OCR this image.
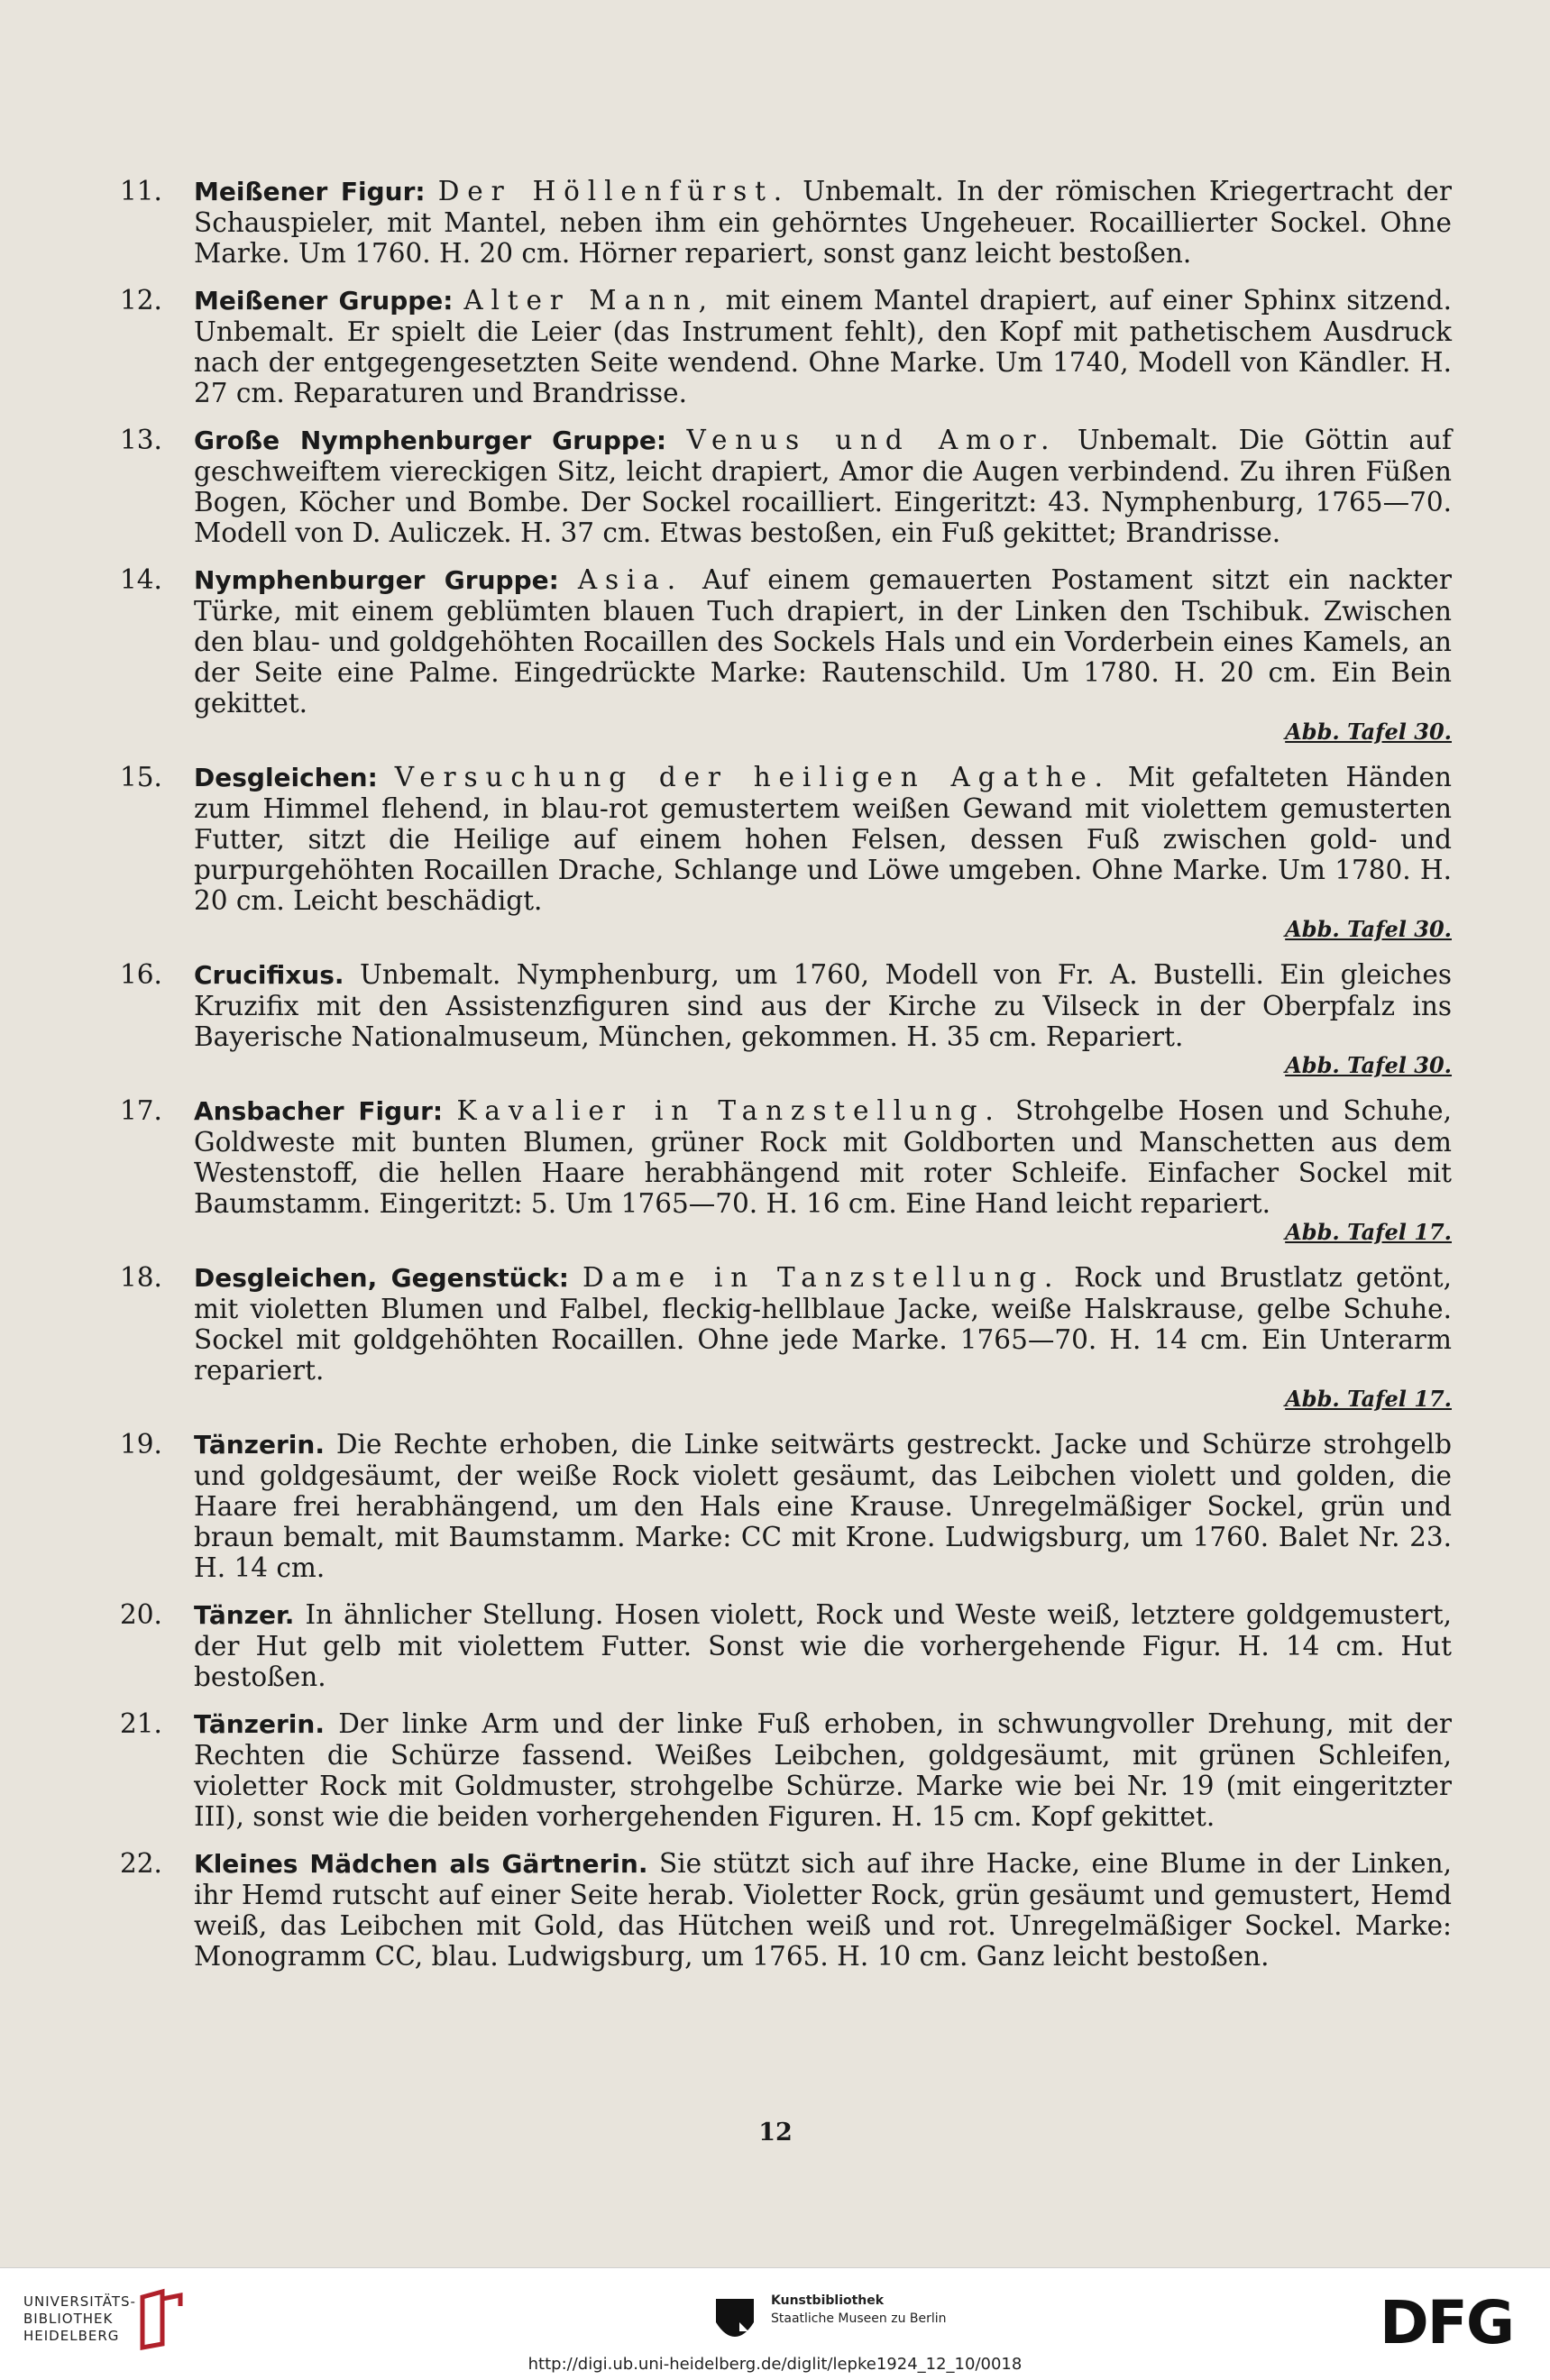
11.	Meißener Figur: Der Höllenfürst. Unbemalt. In der römischen Kriegertracht der Schauspieler, mit Mantel, neben ihm ein gehörntes Ungeheuer. Rocaillierter Sockel. Ohne Marke. Um 1760. H. 20 cm. Hörner repariert, sonst ganz leicht bestoßen.
12.	Meißener Gruppe: Alter Mann, mit einem Mantel drapiert, auf einer Sphinx sitzend. Unbemalt. Er spielt die Leier (das Instrument fehlt), den Kopf mit pathetischem Ausdruck nach der entgegengesetzten Seite wendend. Ohne Marke. Um 1740, Modell von Kändler. H. 27 cm. Reparaturen und Brandrisse.
13.	Große Nymphenburger Gruppe: Venus und Amor. Unbemalt. Die Göttin auf geschweiftem viereckigen Sitz, leicht drapiert, Amor die Augen verbindend. Zu ihren Füßen Bogen, Köcher und Bombe. Der Sockel rocailliert. Eingeritzt: 43. Nymphenburg, 1765—70. Modell von D. Auliczek. H. 37 cm. Etwas bestoßen, ein Fuß gekittet; Brandrisse.
14.	Nymphenburger Gruppe: Asia. Auf einem gemauerten Postament sitzt ein nackter Türke, mit einem geblümten blauen Tuch drapiert, in der Linken den Tschibuk. Zwischen den blau- und goldgehöhten Rocaillen des Sockels Hals und ein Vorderbein eines Kamels, an der Seite eine Palme. Eingedrückte Marke: Rautenschild. Um 1780. H. 20 cm. Ein Bein gekittet.
Abb. Tafel 30.
15.	Desgleichen: Versuchung der heiligen Agathe. Mit gefalteten Händen zum Himmel flehend, in blau-rot gemustertem weißen Gewand mit violettem gemusterten Futter, sitzt die Heilige auf einem hohen Felsen, dessen Fuß zwischen gold- und purpurgehöhten Rocaillen Drache, Schlange und Löwe umgeben. Ohne Marke. Um 1780. H. 20 cm. Leicht beschädigt.
Abb. Tafel 30.
16.	Crucifixus. Unbemalt. Nymphenburg, um 1760, Modell von Fr. A. Bustelli. Ein gleiches Kruzifix mit den Assistenzfiguren sind aus der Kirche zu Vilseck in der Oberpfalz ins Bayerische Nationalmuseum, München, gekommen. H. 35 cm. Repariert.
Abb. Tafel 30.
17.	Ansbacher Figur: Kavalier in Tanzstellung. Strohgelbe Hosen und Schuhe, Goldweste mit bunten Blumen, grüner Rock mit Goldborten und Manschetten aus dem Westenstoff, die hellen Haare herabhängend mit roter Schleife. Einfacher Sockel mit Baumstamm. Eingeritzt: 5. Um 1765—70. H. 16 cm. Eine Hand leicht repariert.
Abb. Tafel 17.
18.	Desgleichen, Gegenstück: Dame in Tanzstellung. Rock und Brustlatz getönt, mit violetten Blumen und Falbel, fleckig-hellblaue Jacke, weiße Halskrause, gelbe Schuhe. Sockel mit goldgehöhten Rocaillen. Ohne jede Marke. 1765—70. H. 14 cm. Ein Unterarm repariert.
Abb. Tafel 17.
19.	Tänzerin. Die Rechte erhoben, die Linke seitwärts gestreckt. Jacke und Schürze strohgelb und goldgesäumt, der weiße Rock violett gesäumt, das Leibchen violett und golden, die Haare frei herabhängend, um den Hals eine Krause. Unregelmäßiger Sockel, grün und braun bemalt, mit Baumstamm. Marke: CC mit Krone. Ludwigsburg, um 1760. Balet Nr. 23. H. 14 cm.
20.	Tänzer. In ähnlicher Stellung. Hosen violett, Rock und Weste weiß, letztere goldgemustert, der Hut gelb mit violettem Futter. Sonst wie die vorhergehende Figur. H. 14 cm. Hut bestoßen.
21.	Tänzerin. Der linke Arm und der linke Fuß erhoben, in schwungvoller Drehung, mit der Rechten die Schürze fassend. Weißes Leibchen, goldgesäumt, mit grünen Schleifen, violetter Rock mit Goldmuster, strohgelbe Schürze. Marke wie bei Nr. 19 (mit eingeritzter III), sonst wie die beiden vorhergehenden Figuren. H. 15 cm. Kopf gekittet.
22.	Kleines Mädchen als Gärtnerin. Sie stützt sich auf ihre Hacke, eine Blume in der Linken, ihr Hemd rutscht auf einer Seite herab. Violetter Rock, grün gesäumt und gemustert, Hemd weiß, das Leibchen mit Gold, das Hütchen weiß und rot. Unregelmäßiger Sockel. Marke: Monogramm CC, blau. Ludwigsburg, um 1765. H. 10 cm. Ganz leicht bestoßen.
12
UNIVERSITÄTS-
BIBLIOTHEK
HEIDELBERG
Kunstbibliothek
Staatliche Museen zu Berlin	DFG
http://digi.ub.uni-heidelberg.de/diglit/lepke1924_12_10/0018
